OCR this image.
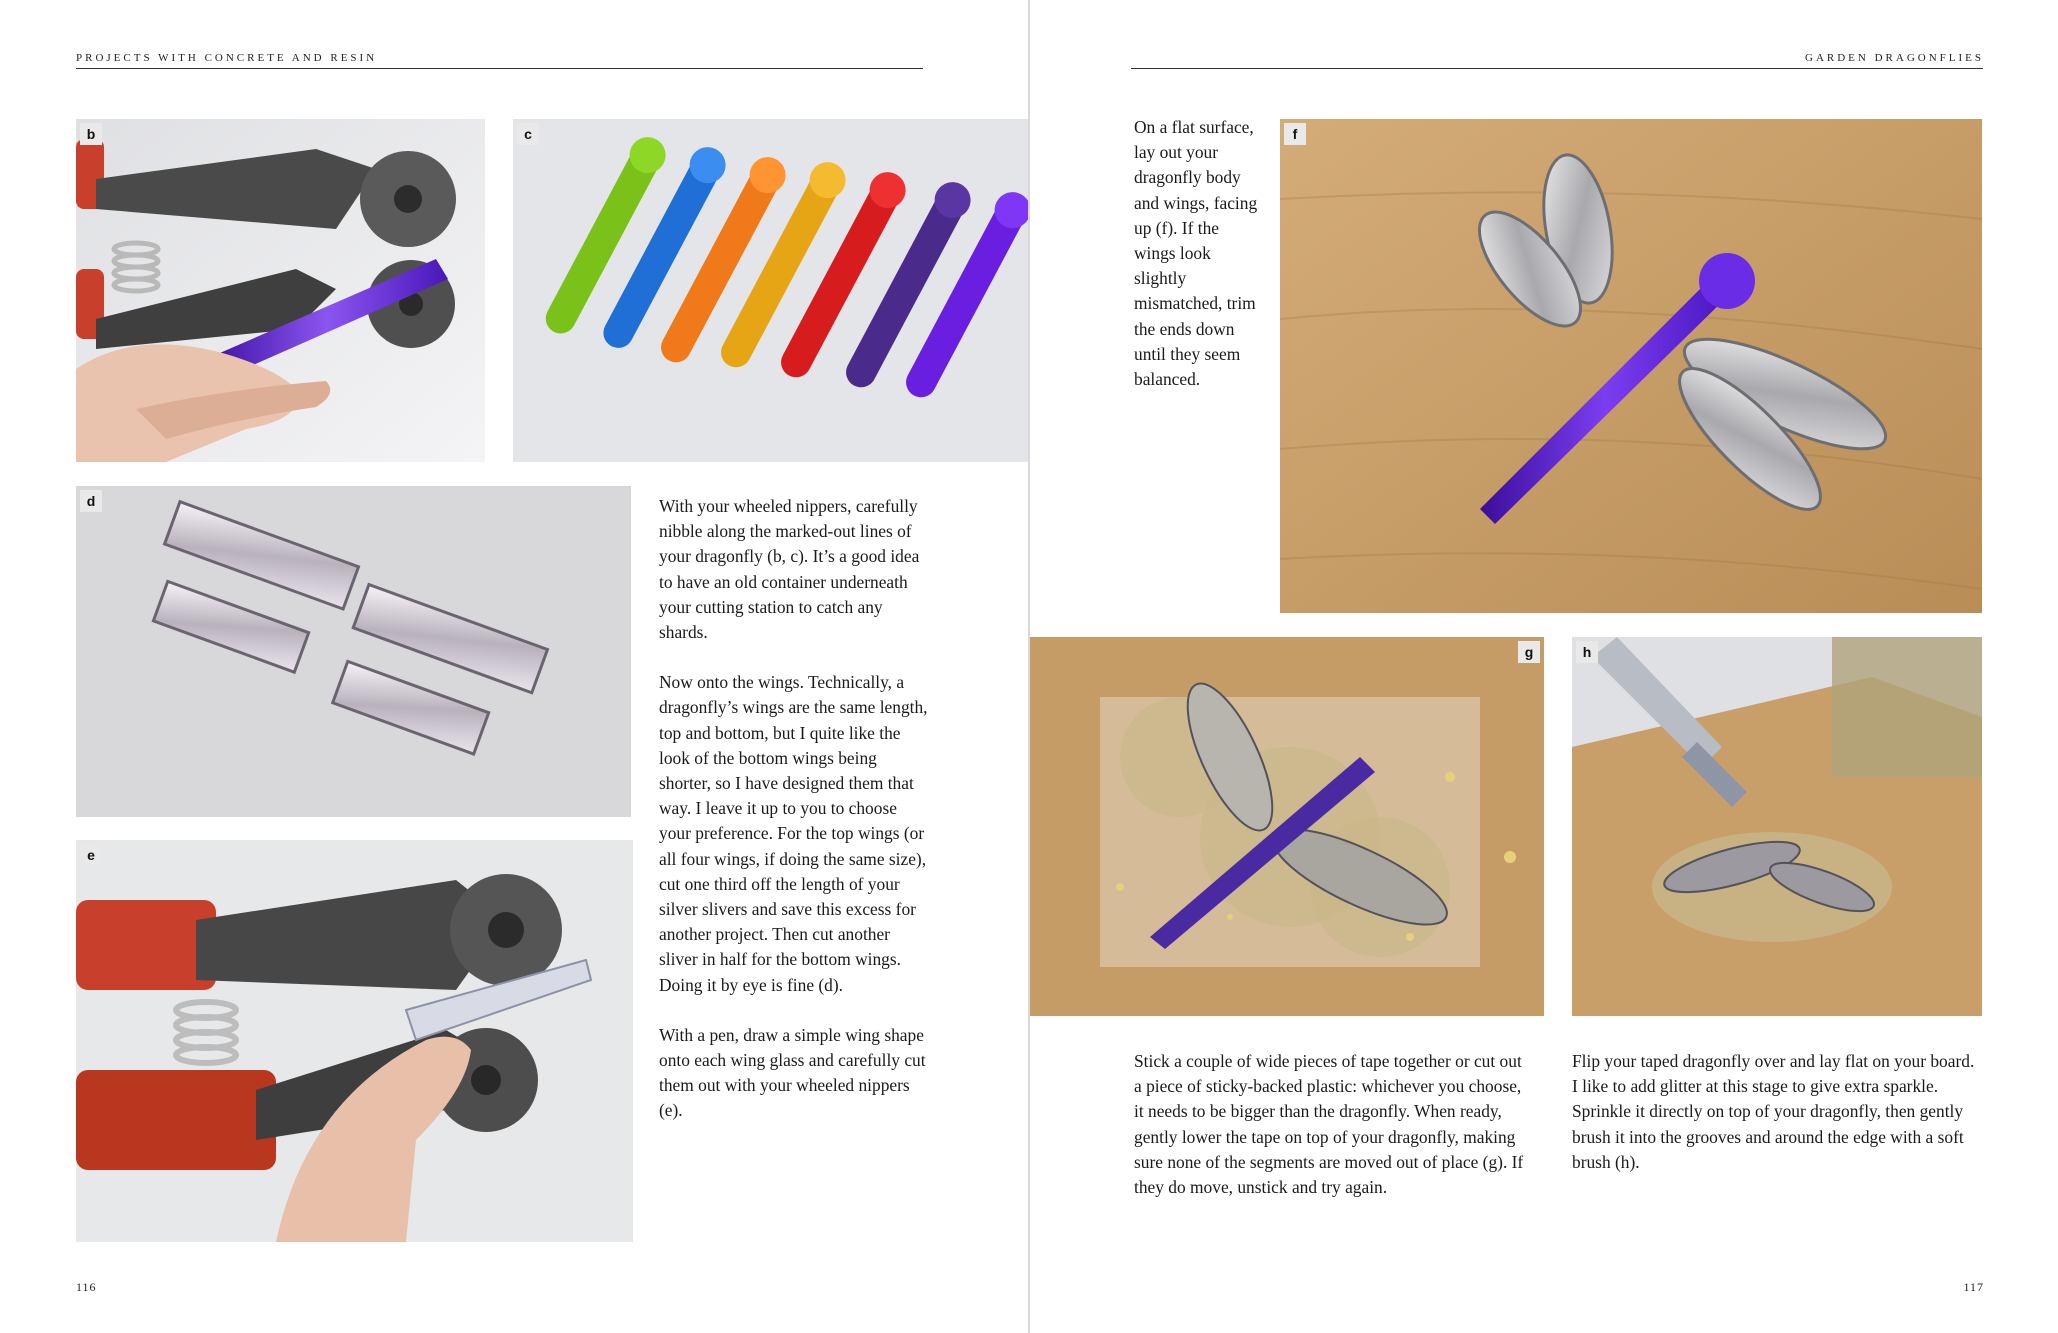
PROJECTS WITH CONCRETE AND RESIN
b	c
d
e

With your wheeled nippers, carefully nibble along the marked-out lines of your dragonfly (b, c). It’s a good idea to have an old container underneath your cutting station to catch any shards.

Now onto the wings. Technically, a dragonfly’s wings are the same length, top and bottom, but I quite like the look of the bottom wings being shorter, so I have designed them that way. I leave it up to you to choose your preference. For the top wings (or all four wings, if doing the same size), cut one third off the length of your silver slivers and save this excess for another project. Then cut another sliver in half for the bottom wings. Doing it by eye is fine (d).

With a pen, draw a simple wing shape onto each wing glass and carefully cut them out with your wheeled nippers (e).

116
GARDEN DRAGONFLIES
On a flat surface, lay out your dragonfly body and wings, facing up (f). If the wings look slightly mismatched, trim the ends down until they seem balanced.
f
g	h
Stick a couple of wide pieces of tape together or cut out a piece of sticky-backed plastic: whichever you choose, it needs to be bigger than the dragonfly. When ready, gently lower the tape on top of your dragonfly, making sure none of the segments are moved out of place (g). If they do move, unstick and try again.
Flip your taped dragonfly over and lay flat on your board. I like to add glitter at this stage to give extra sparkle. Sprinkle it directly on top of your dragonfly, then gently brush it into the grooves and around the edge with a soft brush (h).
117
